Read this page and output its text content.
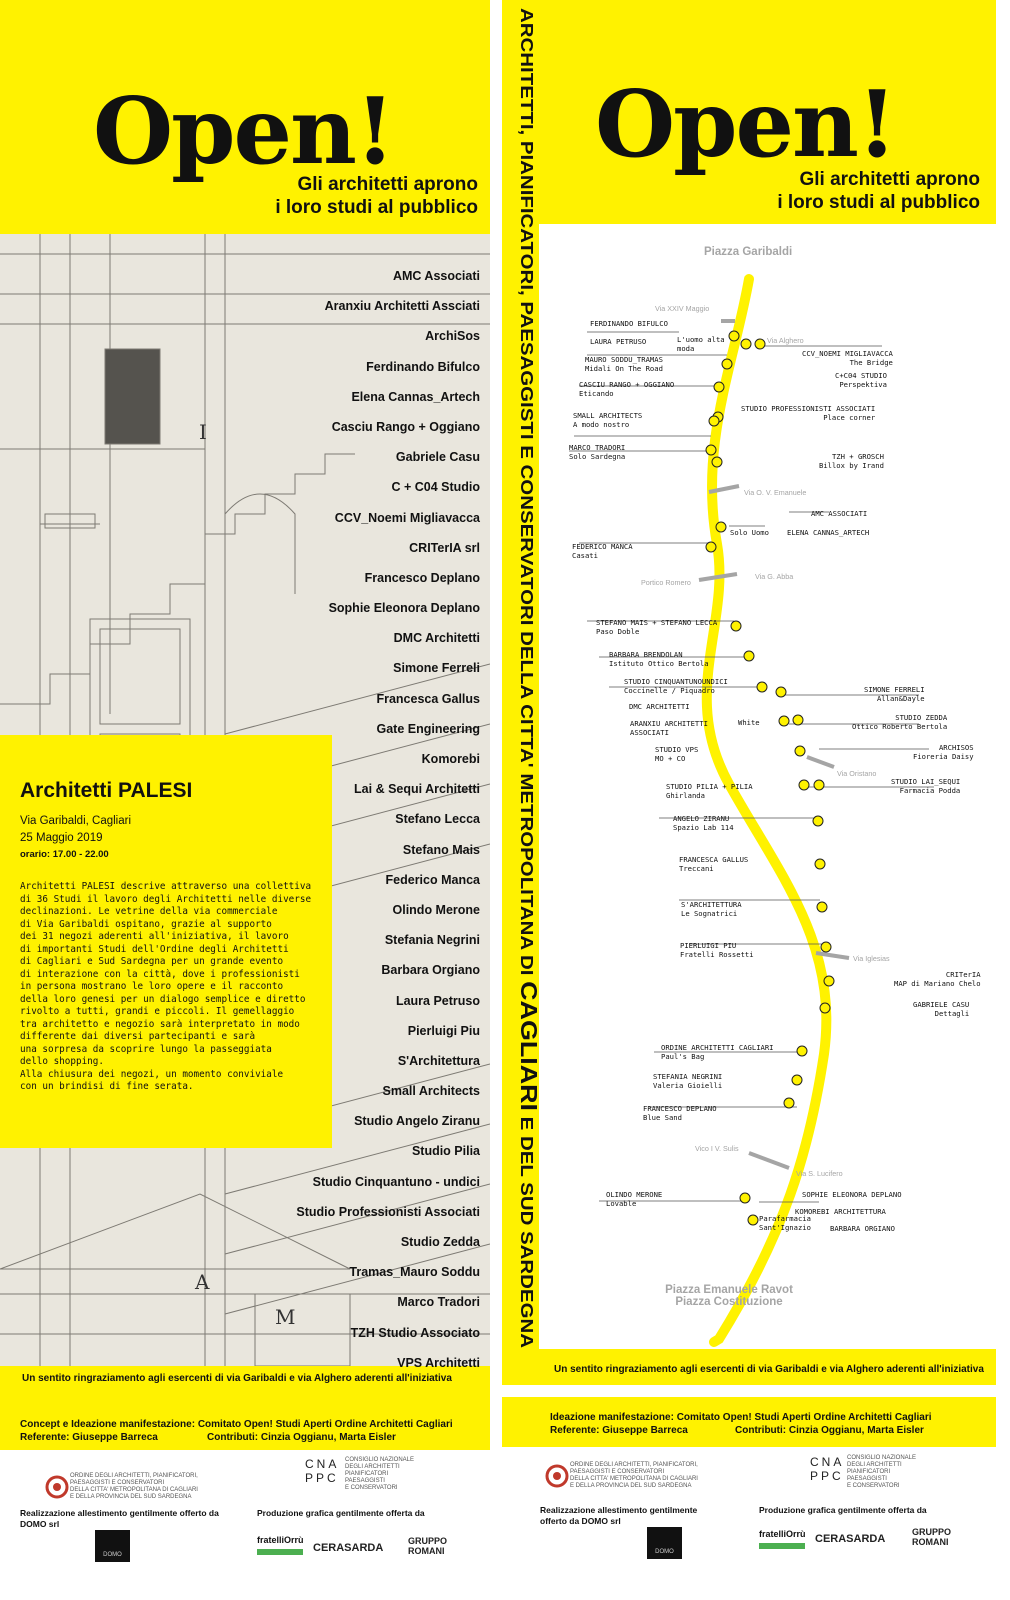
Open!
Gli architetti aprono
i loro studi al pubblico
I
A
M
AMC Associati
Aranxiu Architetti Assciati
ArchiSos
Ferdinando Bifulco
Elena Cannas_Artech
Casciu Rango + Oggiano
Gabriele Casu
C + C04 Studio
CCV_Noemi Migliavacca
CRITerIA srl
Francesco Deplano
Sophie Eleonora Deplano
DMC Architetti
Simone Ferreli
Francesca Gallus
Gate Engineering
Komorebi
Lai & Sequi Architetti
Stefano Lecca
Stefano Mais
Federico Manca
Olindo Merone
Stefania Negrini
Barbara Orgiano
Laura Petruso
Pierluigi Piu
S'Architettura
Small Architects
Studio Angelo Ziranu
Studio Pilia
Studio Cinquantuno - undici
Studio Professionisti Associati
Studio Zedda
Tramas_Mauro Soddu
Marco Tradori
TZH Studio Associato
VPS Architetti
Architetti PALESI
Via Garibaldi, Cagliari
25 Maggio 2019
orario: 17.00 - 22.00
Architetti PALESI descrive attraverso una collettiva
di 36 Studi il lavoro degli Architetti nelle diverse
declinazioni. Le vetrine della via commerciale
di Via Garibaldi ospitano, grazie al supporto
dei 31 negozi aderenti all'iniziativa, il lavoro
di importanti Studi dell'Ordine degli Architetti
di Cagliari e Sud Sardegna per un grande evento
di interazione con la città, dove i professionisti
in persona mostrano le loro opere e il racconto
della loro genesi per un dialogo semplice e diretto
rivolto a tutti, grandi e piccoli. Il gemellaggio
tra architetto e negozio sarà interpretato in modo
differente dai diversi partecipanti e sarà
una sorpresa da scoprire lungo la passeggiata
dello shopping.
Alla chiusura dei negozi, un momento conviviale
con un brindisi di fine serata.
Un sentito ringraziamento agli esercenti di via Garibaldi e via Alghero aderenti all'iniziativa
Concept e Ideazione manifestazione: Comitato Open! Studi Aperti Ordine Architetti Cagliari
Referente: Giuseppe Barreca	Contributi: Cinzia Oggianu, Marta Eisler
ORDINE DEGLI ARCHITETTI, PIANIFICATORI,
PAESAGGISTI E CONSERVATORI
DELLA CITTA' METROPOLITANA DI CAGLIARI
E DELLA PROVINCIA DEL SUD SARDEGNA
CNA
PPC
CONSIGLIO NAZIONALE
DEGLI ARCHITETTI
PIANIFICATORI
PAESAGGISTI
E CONSERVATORI
Realizzazione allestimento gentilmente offerto da
DOMO srl
Produzione grafica gentilmente offerta da
DOMO
fratelliOrrù
CERASARDA
GRUPPO
ROMANI
Open!
Gli architetti aprono
i loro studi al pubblico
ARCHITETTI, PIANIFICATORI, PAESAGGISTI E CONSERVATORI DELLA CITTA' METROPOLITANA DI CAGLIARI E DEL SUD SARDEGNA
Piazza Garibaldi
Piazza Emanuele Ravot
Piazza Costituzione
Via XXIV Maggio
Via Alghero
Via O. V. Emanuele
Portico Romero
Via G. Abba
Via Oristano
Via Iglesias
Vico I V. Sulis
Via S. Lucifero
FERDINANDO BIFULCO
LAURA PETRUSO
MAURO SODDU_TRAMAS
Midali On The Road
CASCIU RANGO + OGGIANO
Eticando
SMALL ARCHITECTS
A modo nostro
MARCO TRADORI
Solo Sardegna
FEDERICO MANCA
Casati
STEFANO MAIS + STEFANO LECCA
Paso Doble
BARBARA BRENDOLAN
Istituto Ottico Bertola
STUDIO CINQUANTUNOUNDICI
Coccinelle / Piquadro
DMC ARCHITETTI
ARANXIU ARCHITETTI
ASSOCIATI
STUDIO VPS
MO + CO
STUDIO PILIA + PILIA
Ghirlanda
ANGELO ZIRANU
Spazio Lab 114
FRANCESCA GALLUS
Treccani
S'ARCHITETTURA
Le Sognatrici
PIERLUIGI PIU
Fratelli Rossetti
ORDINE ARCHITETTI CAGLIARI
Paul's Bag
STEFANIA NEGRINI
Valeria Gioielli
FRANCESCO DEPLANO
Blue Sand
OLINDO MERONE
Lovable
L'uomo alta
moda
CCV_NOEMI MIGLIAVACCA
The Bridge
C+C04 STUDIO
Perspektiva
STUDIO PROFESSIONISTI ASSOCIATI
Place corner
TZH + GROSCH
Billox by Irand
AMC ASSOCIATI
Solo Uomo	ELENA CANNAS_ARTECH
White
SIMONE FERRELI
Allan&Dayle
STUDIO ZEDDA
Ottico Roberto Bertola
ARCHISOS
Fioreria Daisy
STUDIO LAI_SEQUI
Farmacia Podda
CRITerIA
MAP di Mariano Chelo
GABRIELE CASU
Dettagli
SOPHIE ELEONORA DEPLANO
KOMOREBI ARCHITETTURA
BARBARA ORGIANO
Parafarmacia
Sant'Ignazio
Un sentito ringraziamento agli esercenti di via Garibaldi e via Alghero aderenti all'iniziativa
Ideazione manifestazione: Comitato Open! Studi Aperti Ordine Architetti Cagliari
Referente: Giuseppe Barreca	Contributi: Cinzia Oggianu, Marta Eisler
ORDINE DEGLI ARCHITETTI, PIANIFICATORI,
PAESAGGISTI E CONSERVATORI
DELLA CITTA' METROPOLITANA DI CAGLIARI
E DELLA PROVINCIA DEL SUD SARDEGNA
CNA
PPC
CONSIGLIO NAZIONALE
DEGLI ARCHITETTI
PIANIFICATORI
PAESAGGISTI
E CONSERVATORI
Realizzazione allestimento gentilmente
offerto da DOMO srl
Produzione grafica gentilmente offerta da
DOMO
fratelliOrrù CERASARDA
GRUPPO
ROMANI
